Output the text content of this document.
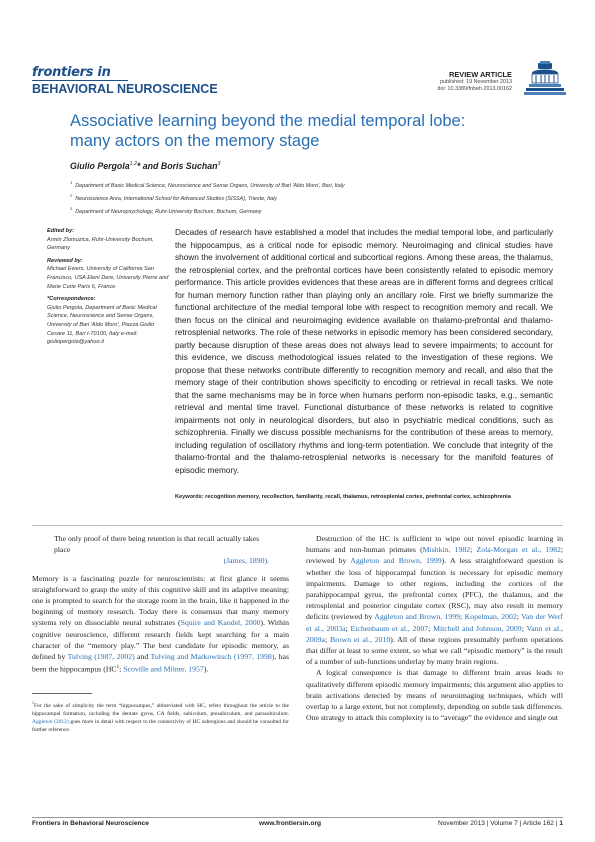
frontiers in
BEHAVIORAL NEUROSCIENCE
REVIEW ARTICLE
published: 19 November 2013
doi: 10.3389/fnbeh.2013.00162
Associative learning beyond the medial temporal lobe:
many actors on the memory stage
Giulio Pergola$^{1,2}$* and Boris Suchan$^3$
$^1$  Department of Basic Medical Science, Neuroscience and Sense Organs, University of Bari 'Aldo Moro', Bari, Italy
$^2$  Neuroscience Area, International School for Advanced Studies (SISSA), Trieste, Italy
$^3$  Department of Neuropsychology, Ruhr-University Bochum, Bochum, Germany
Edited by:
Armin Zlomuzica, Ruhr-University Bochum, Germany
Reviewed by:
Michael Ewers, University of California San Francisco, USA Eleni Dere, University Pierre and Marie Curie Paris 6, France
*Correspondence:
Giulio Pergola, Department of Basic Medical Science, Neuroscience and Sense Organs, University of Bari 'Aldo Moro', Piazza Giulio Cesare 11, Bari I-70100, Italy e-mail: giuliopergola@yahoo.it
Decades of research have established a model that includes the medial temporal lobe, and particularly the hippocampus, as a critical node for episodic memory. Neuroimaging and clinical studies have shown the involvement of additional cortical and subcortical regions. Among these areas, the thalamus, the retrosplenial cortex, and the prefrontal cortices have been consistently related to episodic memory performance. This article provides evidences that these areas are in different forms and degrees critical for human memory function rather than playing only an ancillary role. First we briefly summarize the functional architecture of the medial temporal lobe with respect to recognition memory and recall. We then focus on the clinical and neuroimaging evidence available on thalamo-prefrontal and thalamo-retrosplenial networks. The role of these networks in episodic memory has been considered secondary, partly because disruption of these areas does not always lead to severe impairments; to account for this evidence, we discuss methodological issues related to the investigation of these regions. We propose that these networks contribute differently to recognition memory and recall, and also that the memory stage of their contribution shows specificity to encoding or retrieval in recall tasks. We note that the same mechanisms may be in force when humans perform non-episodic tasks, e.g., semantic retrieval and mental time travel. Functional disturbance of these networks is related to cognitive impairments not only in neurological disorders, but also in psychiatric medical conditions, such as schizophrenia. Finally we discuss possible mechanisms for the contribution of these areas to memory, including regulation of oscillatory rhythms and long-term potentiation. We conclude that integrity of the thalamo-frontal and the thalamo-retrosplenial networks is necessary for the manifold features of episodic memory.
Keywords: recognition memory, recollection, familiarity, recall, thalamus, retrosplenial cortex, prefrontal cortex, schizophrenia
The only proof of there being retention is that recall actually takes place
(James, 1890).
Memory is a fascinating puzzle for neuroscientists: at first glance it seems straightforward to grasp the unity of this cognitive skill and its adaptive meaning; one is prompted to search for the storage room in the brain, like it happened in the beginning of memory research. Today there is consensus that many memory systems rely on dissociable neural substrates (Squire and Kandel, 2000). Within cognitive neuroscience, different research fields kept searching for a main character of the “memory play.” The best candidate for episodic memory, as defined by Tulving (1987, 2002) and Tulving and Markowitsch (1997, 1998), has been the hippocampus ($HC^1$; Scoville and Milner, 1957).
$^1$For the sake of simplicity the term “hippocampus,” abbreviated with HC, refers throughout the article to the hippocampal formation, including the dentate gyrus, CA fields, subiculum, presubiculum, and parasubiculum. Aggleton (2012) goes more in detail with respect to the connectivity of HC subregions and should be consulted for further reference.
Destruction of the HC is sufficient to wipe out novel episodic learning in humans and non-human primates (Mishkin, 1982; Zola-Morgan et al., 1982; reviewed by Aggleton and Brown, 1999). A less straightforward question is whether the loss of hippocampal function is necessary for episodic memory impairments. Damage to other regions, including the cortices of the parahippocampal gyrus, the prefrontal cortex (PFC), the thalamus, and the retrosplenial and posterior cingulate cortex (RSC), may also result in memory deficits (reviewed by Aggleton and Brown, 1999; Kopelman, 2002; Van der Werf et al., 2003a; Eichenbaum et al., 2007; Mitchell and Johnson, 2009; Vann et al., 2009a; Brown et al., 2010). All of these regions presumably perform operations that differ at least to some extent, so what we call “episodic memory” is the result of a number of sub-functions underlay by many brain regions.
A logical consequence is that damage to different brain areas leads to qualitatively different episodic memory impairments; this argument also applies to brain activations detected by means of neuroimaging techniques, which will overlap to a large extent, but not completely, depending on subtle task differences. One strategy to attack this complexity is to “average” the evidence and single out
Frontiers in Behavioral Neuroscience	www.frontiersin.org	November 2013 | Volume 7 | Article 162 | 1
